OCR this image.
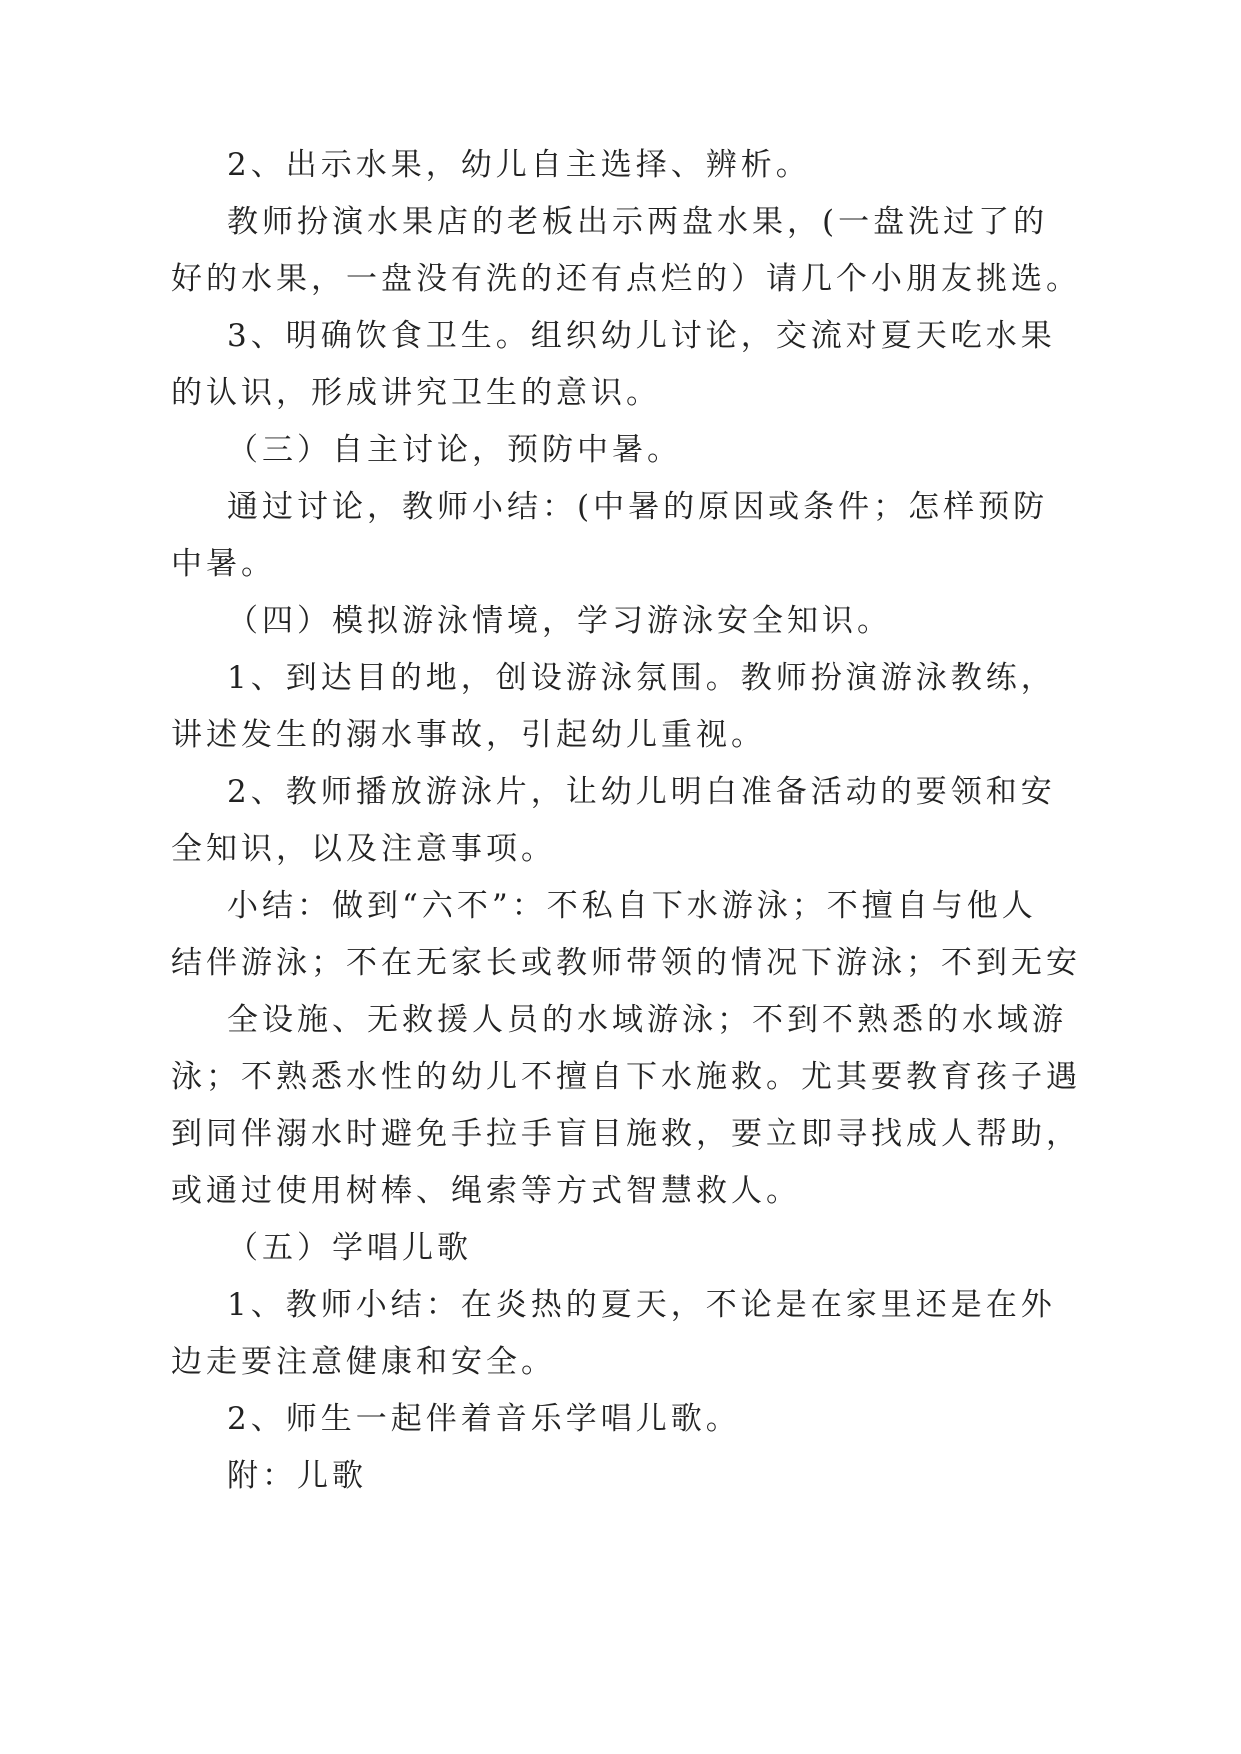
2、出示水果，幼儿自主选择、辨析。
教师扮演水果店的老板出示两盘水果，(一盘洗过了的
好的水果，一盘没有洗的还有点烂的）请几个小朋友挑选。
3、明确饮食卫生。组织幼儿讨论，交流对夏天吃水果
的认识，形成讲究卫生的意识。
（三）自主讨论，预防中暑。
通过讨论，教师小结：(中暑的原因或条件；怎样预防
中暑。
（四）模拟游泳情境，学习游泳安全知识。
1、到达目的地，创设游泳氛围。教师扮演游泳教练，
讲述发生的溺水事故，引起幼儿重视。
2、教师播放游泳片，让幼儿明白准备活动的要领和安
全知识，以及注意事项。
小结：做到“六不”：不私自下水游泳；不擅自与他人
结伴游泳；不在无家长或教师带领的情况下游泳；不到无安
全设施、无救援人员的水域游泳；不到不熟悉的水域游
泳；不熟悉水性的幼儿不擅自下水施救。尤其要教育孩子遇
到同伴溺水时避免手拉手盲目施救，要立即寻找成人帮助，
或通过使用树棒、绳索等方式智慧救人。
（五）学唱儿歌
1、教师小结：在炎热的夏天，不论是在家里还是在外
边走要注意健康和安全。
2、师生一起伴着音乐学唱儿歌。
附：儿歌
